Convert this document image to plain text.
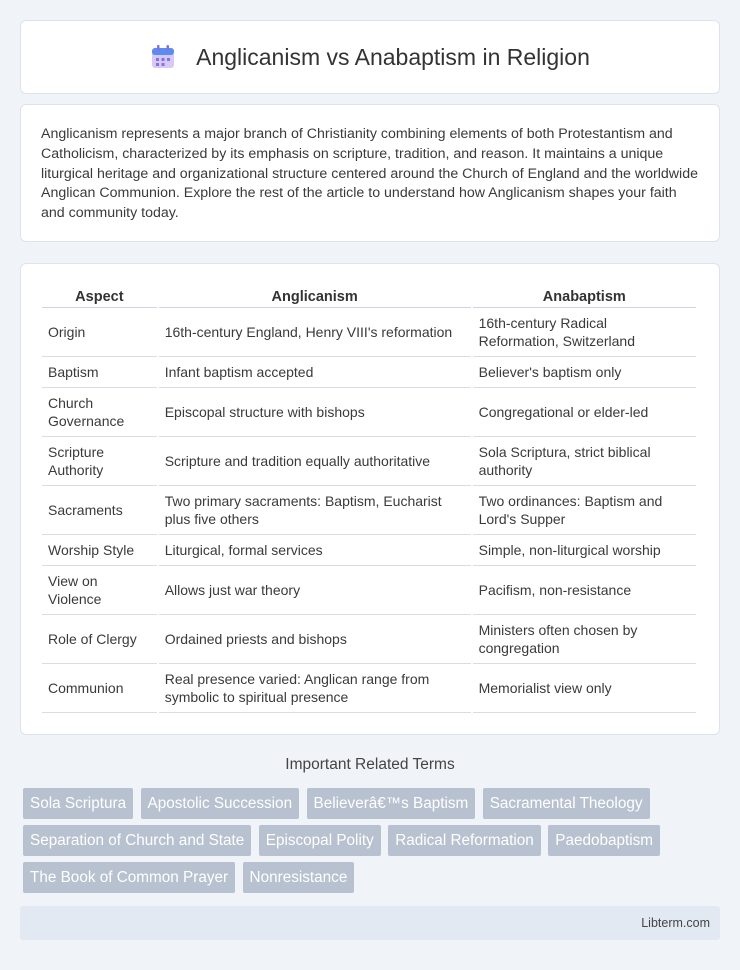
Anglicanism vs Anabaptism in Religion

Anglicanism represents a major branch of Christianity combining elements of both Protestantism and Catholicism, characterized by its emphasis on scripture, tradition, and reason. It maintains a unique liturgical heritage and organizational structure centered around the Church of England and the worldwide Anglican Communion. Explore the rest of the article to understand how Anglicanism shapes your faith and community today.

Aspect	Anglicanism	Anabaptism
Origin	16th-century England, Henry VIII's reformation	16th-century Radical Reformation, Switzerland
Baptism	Infant baptism accepted	Believer's baptism only
Church Governance	Episcopal structure with bishops	Congregational or elder-led
Scripture Authority	Scripture and tradition equally authoritative	Sola Scriptura, strict biblical authority
Sacraments	Two primary sacraments: Baptism, Eucharist plus five others	Two ordinances: Baptism and Lord's Supper
Worship Style	Liturgical, formal services	Simple, non-liturgical worship
View on Violence	Allows just war theory	Pacifism, non-resistance
Role of Clergy	Ordained priests and bishops	Ministers often chosen by congregation
Communion	Real presence varied: Anglican range from symbolic to spiritual presence	Memorialist view only
Important Related Terms
Sola Scriptura Apostolic Succession Believerâ€™s Baptism Sacramental Theology Separation of Church and State Episcopal Polity Radical Reformation Paedobaptism The Book of Common Prayer Nonresistance
Libterm.com
